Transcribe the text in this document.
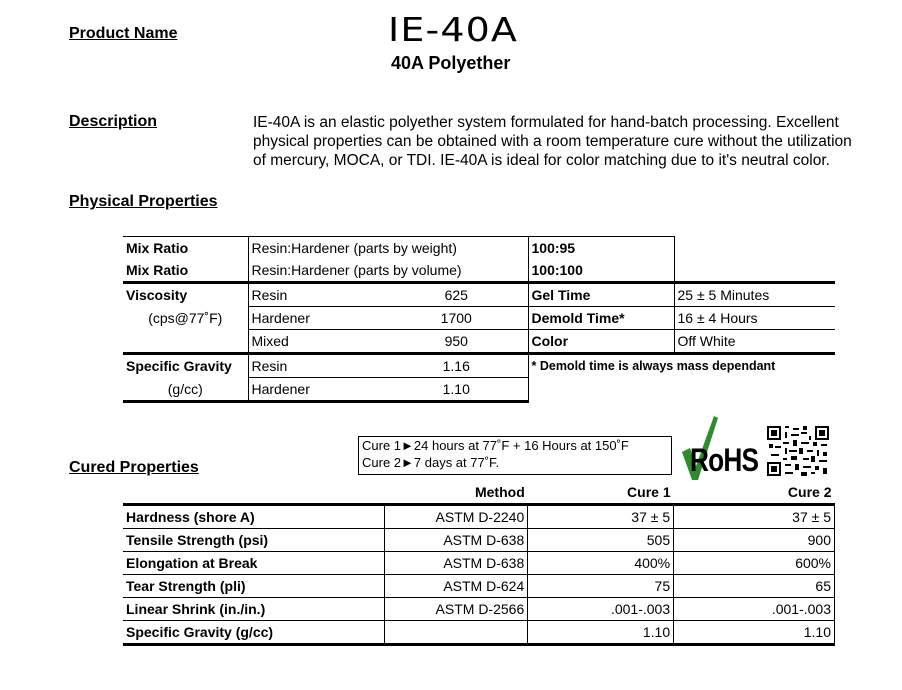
Product Name	IE-40A
40A Polyether
Description	IE-40A is an elastic polyether system formulated for hand-batch processing. Excellent
physical properties can be obtained with a room temperature cure without the utilization
of mercury, MOCA, or TDI. IE-40A is ideal for color matching due to it's neutral color.
Physical Properties
Mix Ratio	Resin:Hardener (parts by weight)		100:95	
Mix Ratio	Resin:Hardener (parts by volume)		100:100	
Viscosity	Resin	625	Gel Time	25 ± 5 Minutes
(cps@77˚F)	Hardener	1700	Demold Time*	16 ± 4 Hours
	Mixed	950	Color	Off White
Specific Gravity	Resin	1.16	* Demold time is always mass dependant	
(g/cc)	Hardener	1.10		
Cure 1►24 hours at 77˚F + 16 Hours at 150˚F
Cure 2►7 days at 77˚F.	RoHS
Cured Properties
	Method	Cure 1	Cure 2
Hardness (shore A)	ASTM D-2240	37 ± 5	37 ± 5
Tensile Strength (psi)	ASTM D-638	505	900
Elongation at Break	ASTM D-638	400%	600%
Tear Strength (pli)	ASTM D-624	75	65
Linear Shrink (in./in.)	ASTM D-2566	.001-.003	.001-.003
Specific Gravity (g/cc)		1.10	1.10
